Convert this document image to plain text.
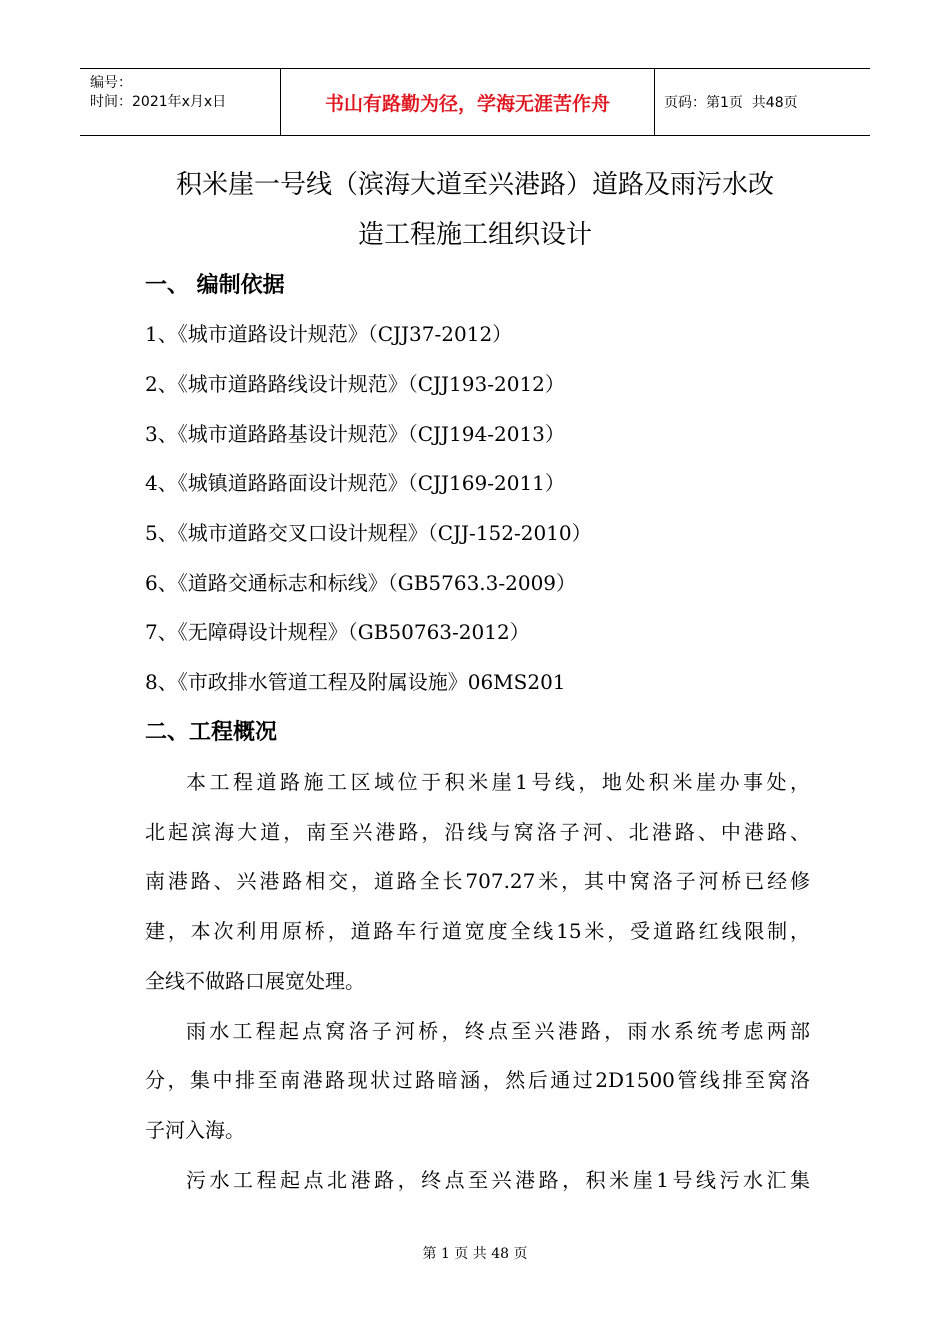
编号：
时间：2021年x月x日	书山有路勤为径，学海无涯苦作舟	页码：第1页  共48页
积米崖一号线（滨海大道至兴港路）道路及雨污水改
造工程施工组织设计
一、 编制依据
1、《城市道路设计规范》（CJJ37-2012）
2、《城市道路路线设计规范》（CJJ193-2012）
3、《城市道路路基设计规范》（CJJ194-2013）
4、《城镇道路路面设计规范》（CJJ169-2011）
5、《城市道路交叉口设计规程》（CJJ-152-2010）
6、《道路交通标志和标线》（GB5763.3-2009）
7、《无障碍设计规程》（GB50763-2012）
8、《市政排水管道工程及附属设施》06MS201
二、工程概况
本工程道路施工区域位于积米崖1号线，地处积米崖办事处，
北起滨海大道，南至兴港路，沿线与窝洛子河、北港路、中港路、
南港路、兴港路相交，道路全长707.27米，其中窝洛子河桥已经修
建，本次利用原桥，道路车行道宽度全线15米，受道路红线限制，
全线不做路口展宽处理。
雨水工程起点窝洛子河桥，终点至兴港路，雨水系统考虑两部
分，集中排至南港路现状过路暗涵，然后通过2D1500管线排至窝洛
子河入海。
污水工程起点北港路，终点至兴港路，积米崖1号线污水汇集
第 1 页 共 48 页
